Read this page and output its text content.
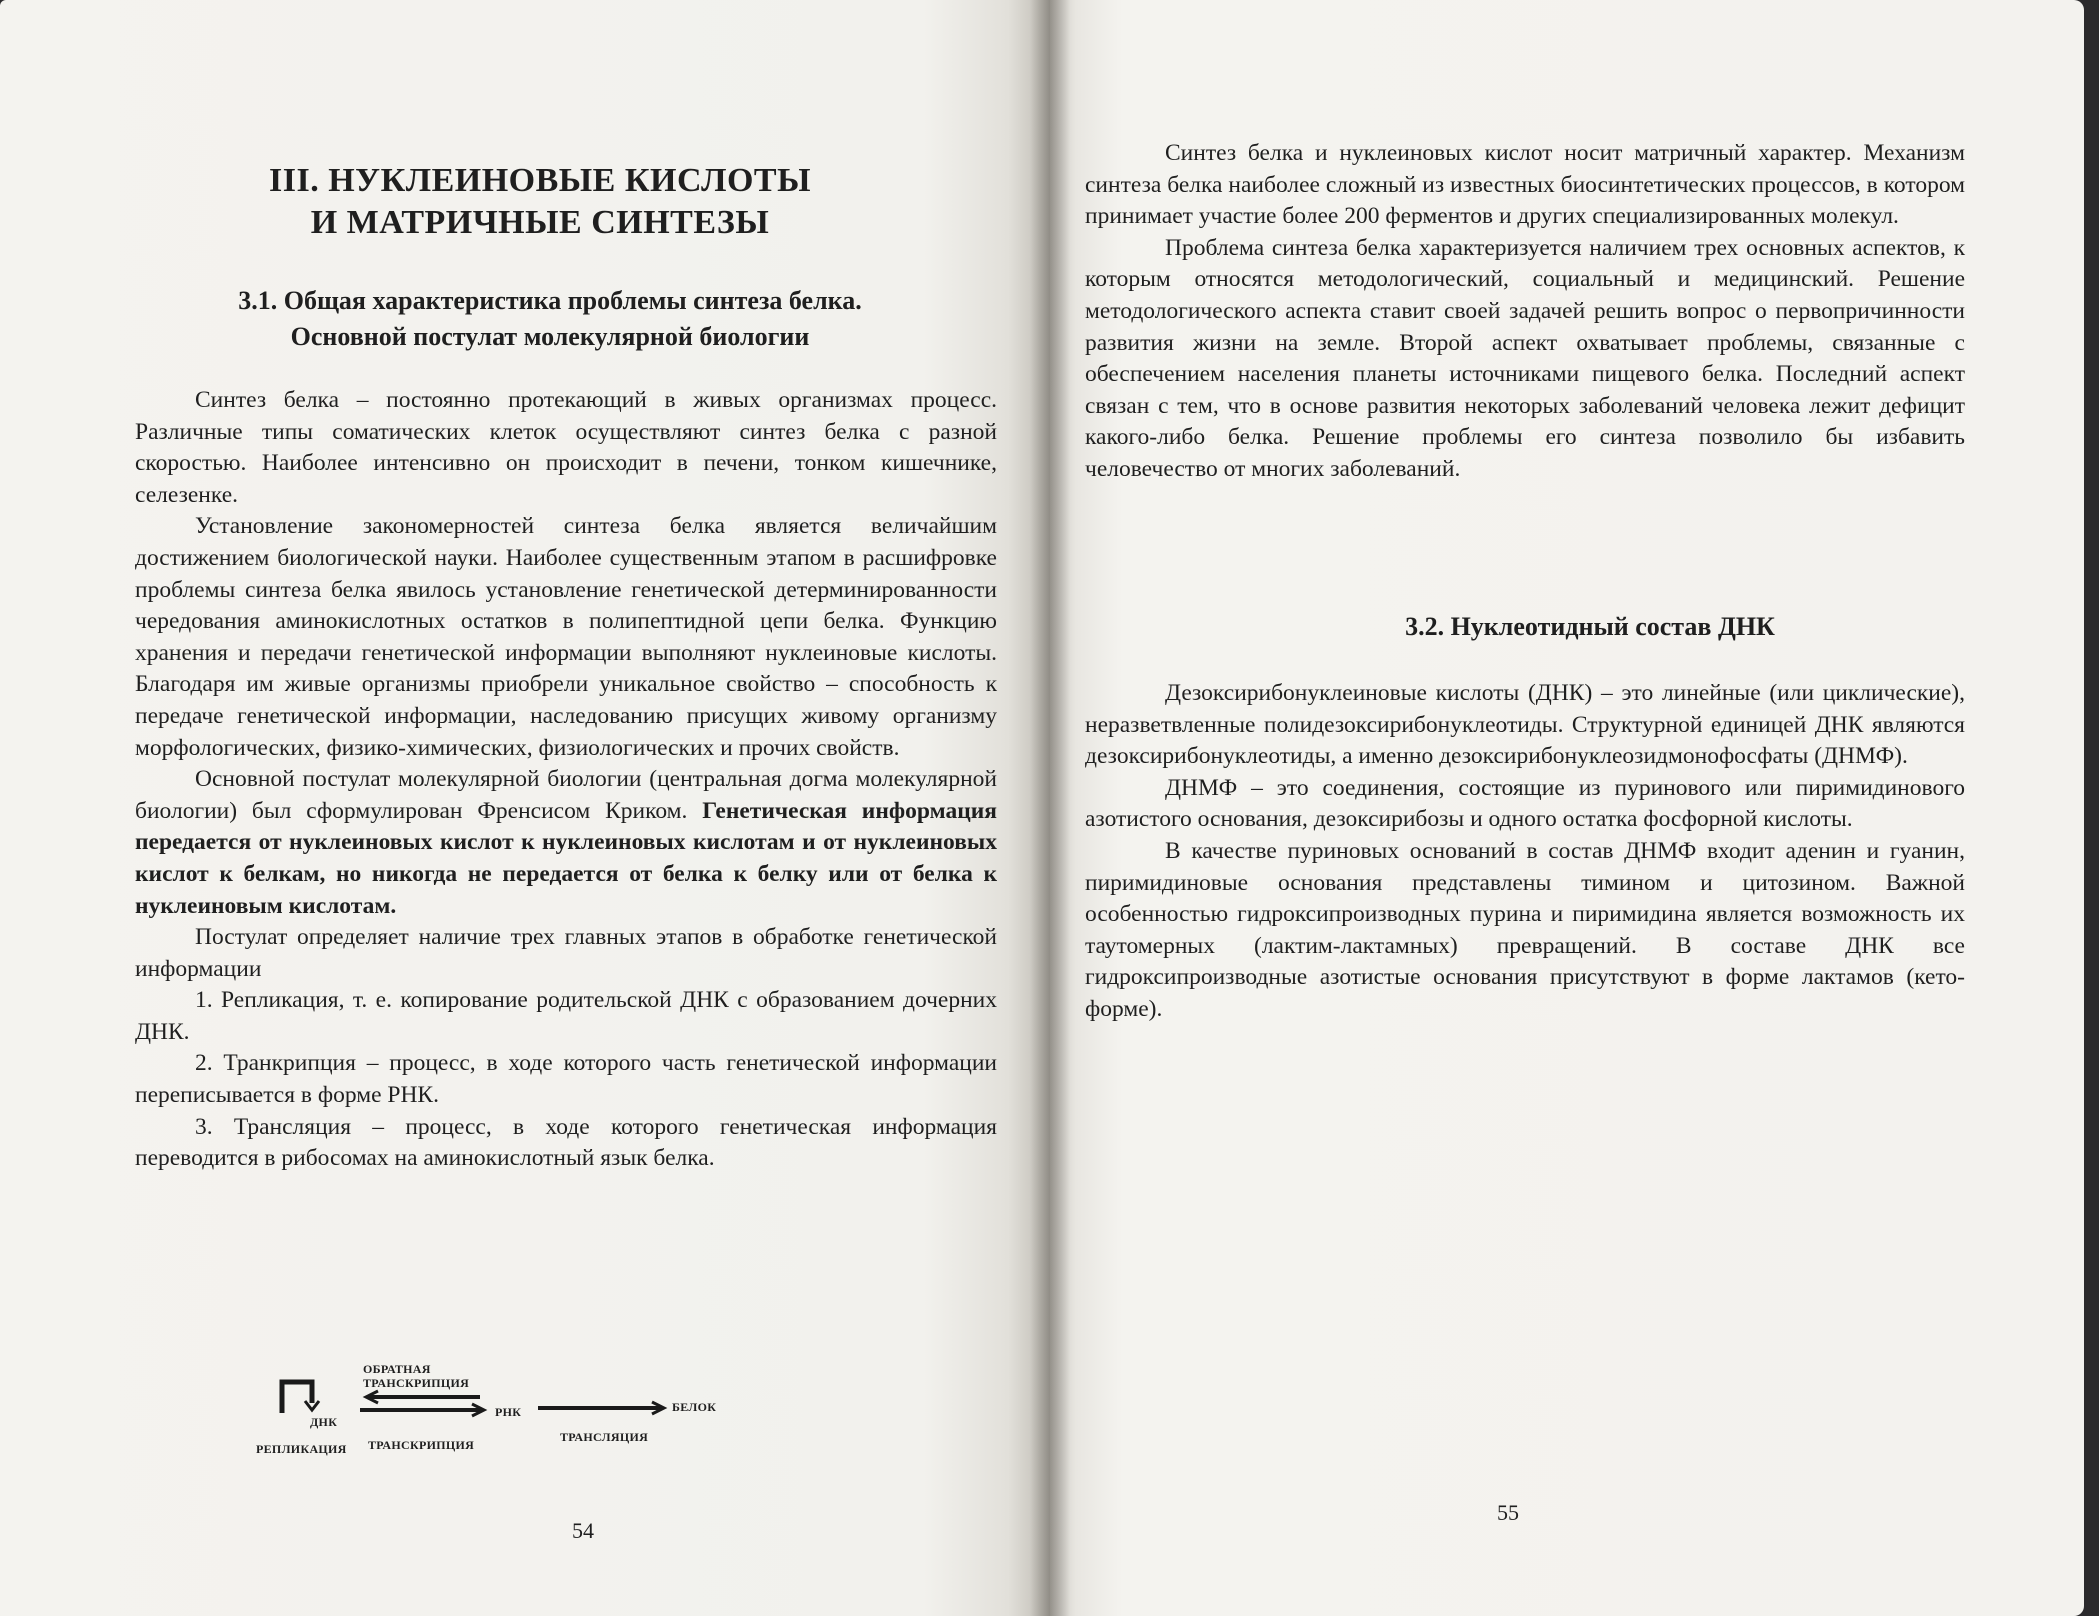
III. НУКЛЕИНОВЫЕ КИСЛОТЫ
И МАТРИЧНЫЕ СИНТЕЗЫ
3.1. Общая характеристика проблемы синтеза белка.
Основной постулат молекулярной биологии

Синтез белка – постоянно протекающий в живых организмах процесс. Различные типы соматических клеток осуществляют синтез белка с разной скоростью. Наиболее интенсивно он происходит в печени, тонком кишечнике, селезенке.

Установление закономерностей синтеза белка является величайшим достижением биологической науки. Наиболее существенным этапом в расшифровке проблемы синтеза белка явилось установление генетической детерминированности чередования аминокислотных остатков в полипептидной цепи белка. Функцию хранения и передачи генетической информации выполняют нуклеиновые кислоты. Благодаря им живые организмы приобрели уникальное свойство – способность к передаче генетической информации, наследованию присущих живому организму морфологических, физико-химических, физиологических и прочих свойств.

Основной постулат молекулярной биологии (центральная догма молекулярной биологии) был сформулирован Френсисом Криком. Генетическая информация передается от нуклеиновых кислот к нуклеиновых кислотам и от нуклеиновых кислот к белкам, но никогда не передается от белка к белку или от белка к нуклеиновым кислотам.

Постулат определяет наличие трех главных этапов в обработке генетической информации

1. Репликация, т. е. копирование родительской ДНК с образованием дочерних ДНК.

2. Транкрипция – процесс, в ходе которого часть генетической информации переписывается в форме РНК.

3. Трансляция – процесс, в ходе которого генетическая информация переводится в рибосомах на аминокислотный язык белка.

ОБРАТНАЯ
ТРАНСКРИПЦИЯ
ДНК
РНК	БЕЛОК
РЕПЛИКАЦИЯ ТРАНСКРИПЦИЯ
ТРАНСЛЯЦИЯ
54

Синтез белка и нуклеиновых кислот носит матричный характер. Механизм синтеза белка наиболее сложный из известных биосинтетических процессов, в котором принимает участие более 200 ферментов и других специализированных молекул.

Проблема синтеза белка характеризуется наличием трех основных аспектов, к которым относятся методологический, социальный и медицинский. Решение методологического аспекта ставит своей задачей решить вопрос о первопричинности развития жизни на земле. Второй аспект охватывает проблемы, связанные с обеспечением населения планеты источниками пищевого белка. Последний аспект связан с тем, что в основе развития некоторых заболеваний человека лежит дефицит какого-либо белка. Решение проблемы его синтеза позволило бы избавить человечество от многих заболеваний.

3.2. Нуклеотидный состав ДНК

Дезоксирибонуклеиновые кислоты (ДНК) – это линейные (или циклические), неразветвленные полидезоксирибонуклеотиды. Структурной единицей ДНК являются дезоксирибонуклеотиды, а именно дезоксирибонуклеозидмонофосфаты (ДНМФ).

ДНМФ – это соединения, состоящие из пуринового или пиримидинового азотистого основания, дезоксирибозы и одного остатка фосфорной кислоты.

В качестве пуриновых оснований в состав ДНМФ входит аденин и гуанин, пиримидиновые основания представлены тимином и цитозином. Важной особенностью гидроксипроизводных пурина и пиримидина является возможность их таутомерных (лактим-лактамных) превращений. В составе ДНК все гидроксипроизводные азотистые основания присутствуют в форме лактамов (кето-форме).

55
